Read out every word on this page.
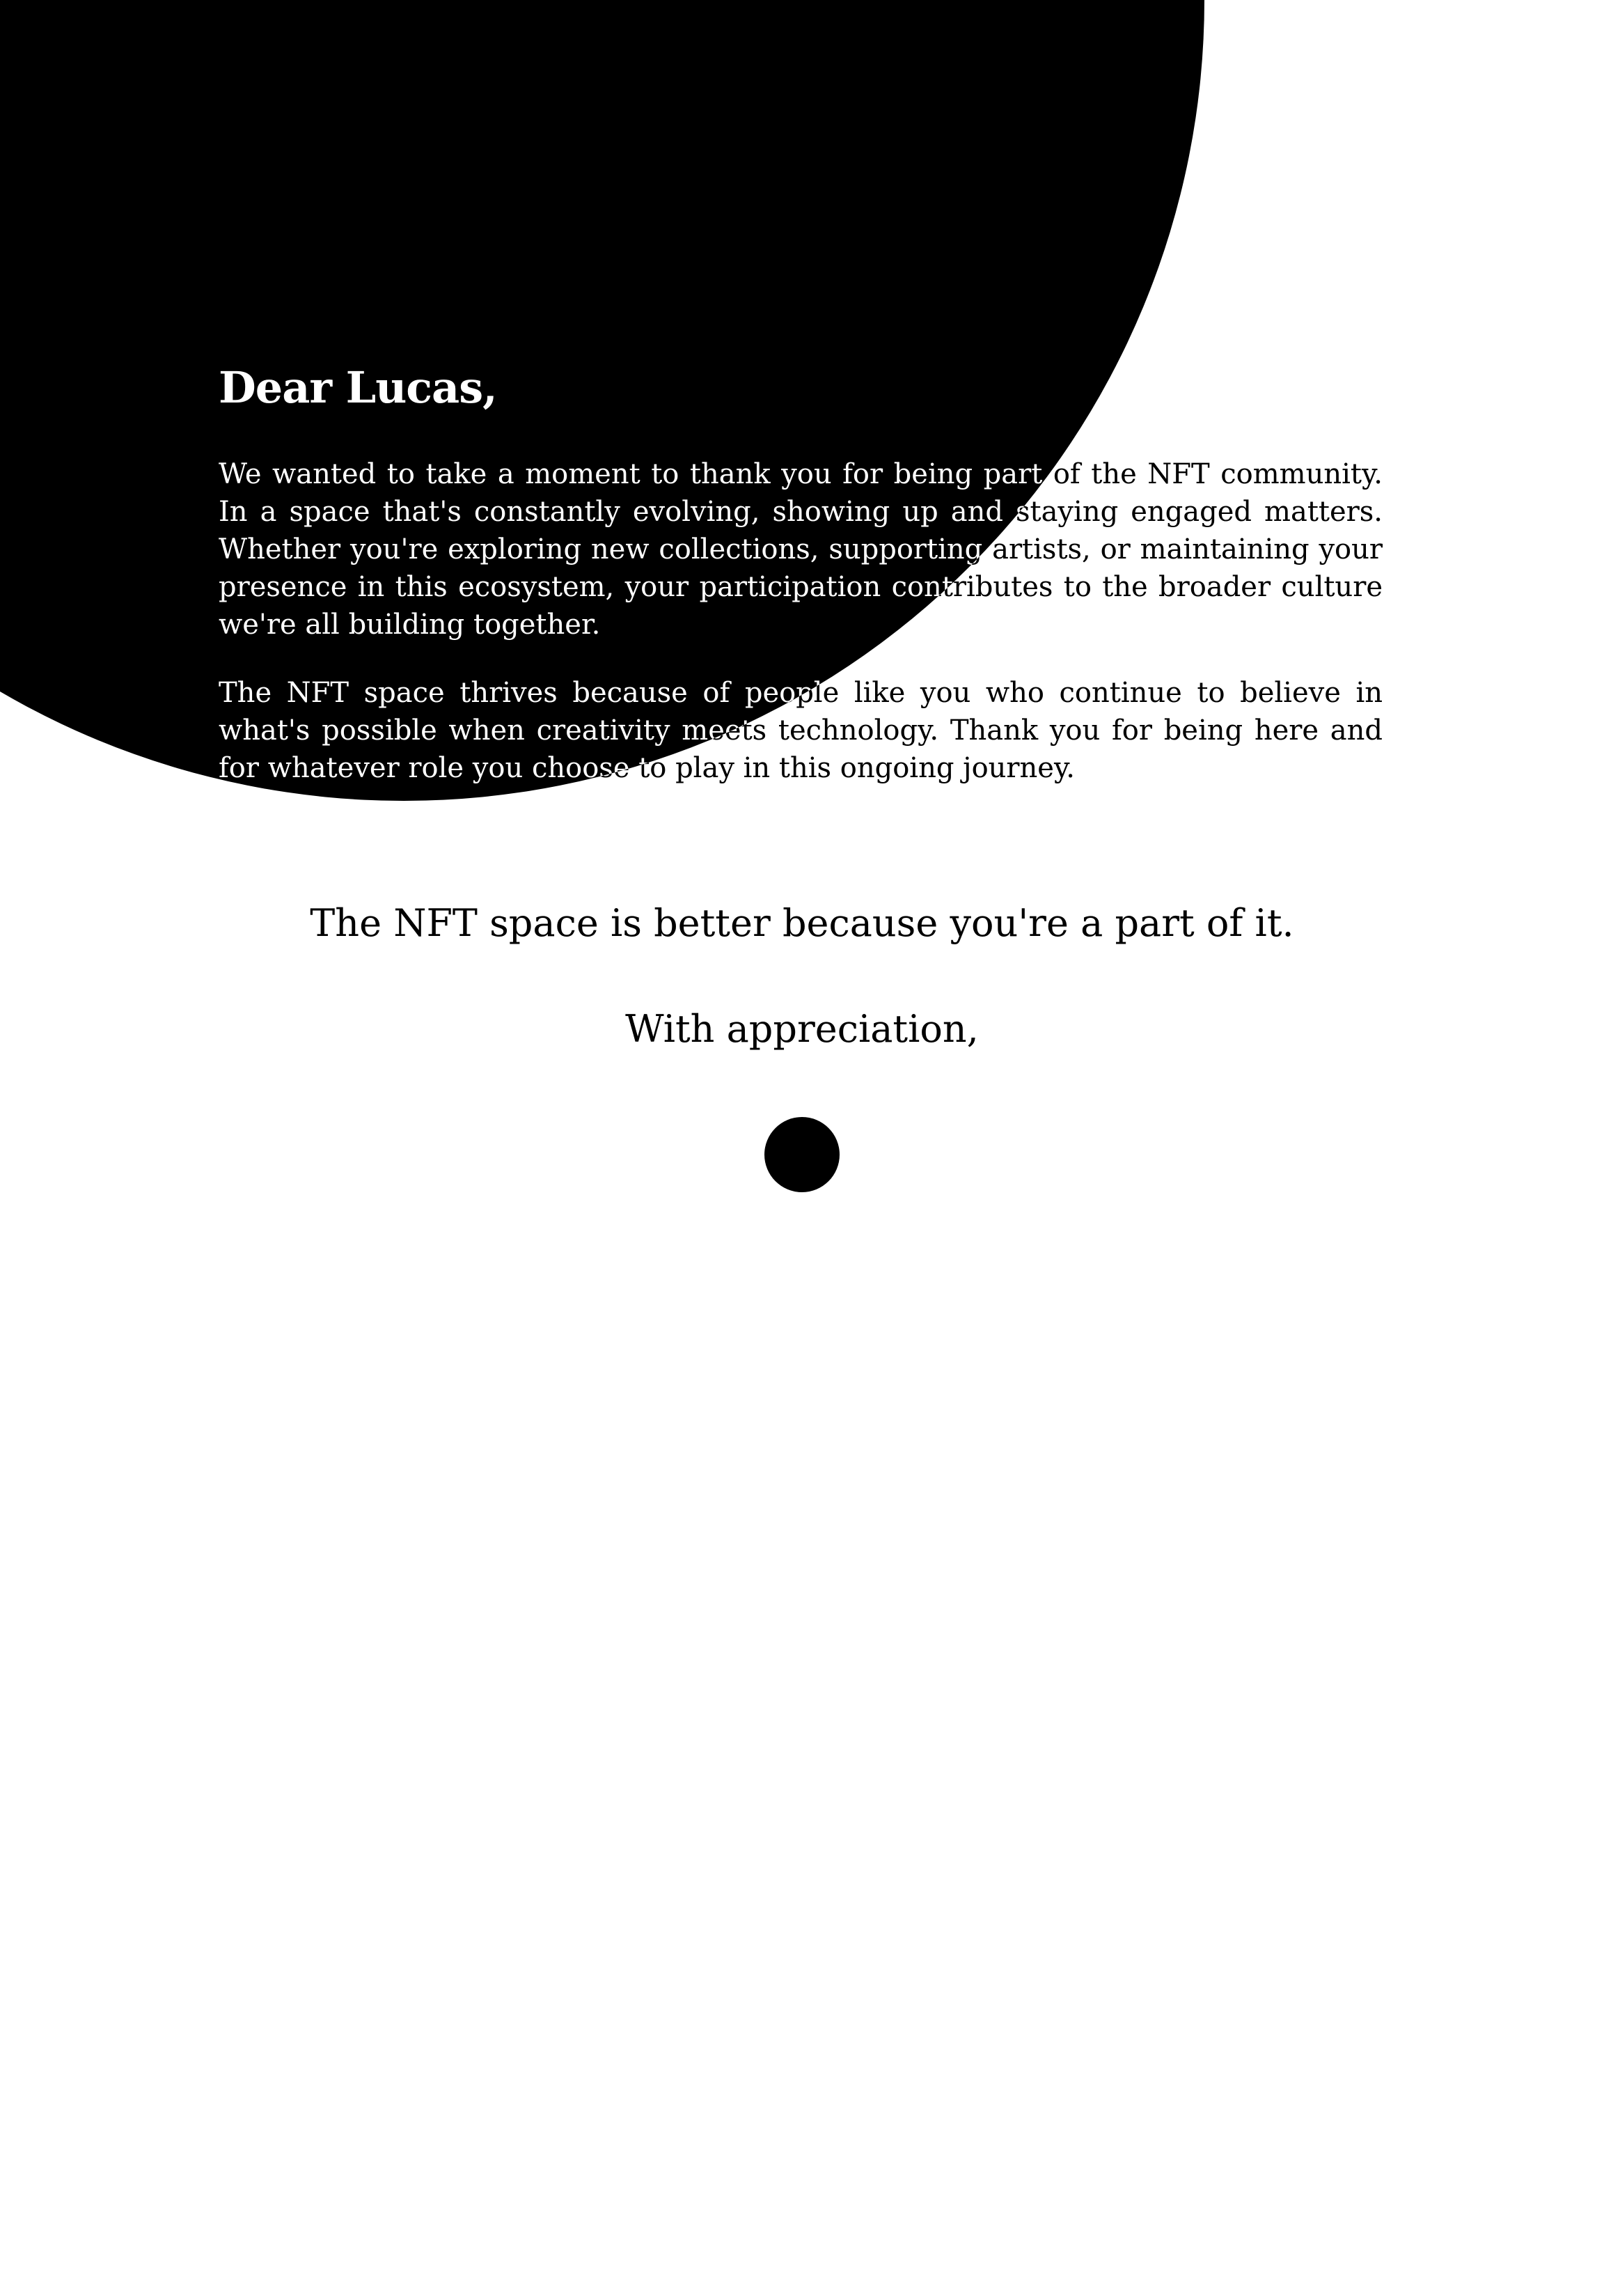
Dear Lucas,

We wanted to take a moment to thank you for being part of the NFT community. In a space that's constantly evolving, showing up and staying engaged matters. Whether you're exploring new collections, supporting artists, or maintaining your presence in this ecosystem, your participation contributes to the broader culture we're all building together.

The NFT space thrives because of people like you who continue to believe in what's possible when creativity meets technology. Thank you for being here and for whatever role you choose to play in this ongoing journey.

The NFT space is better because you're a part of it.
With appreciation,
